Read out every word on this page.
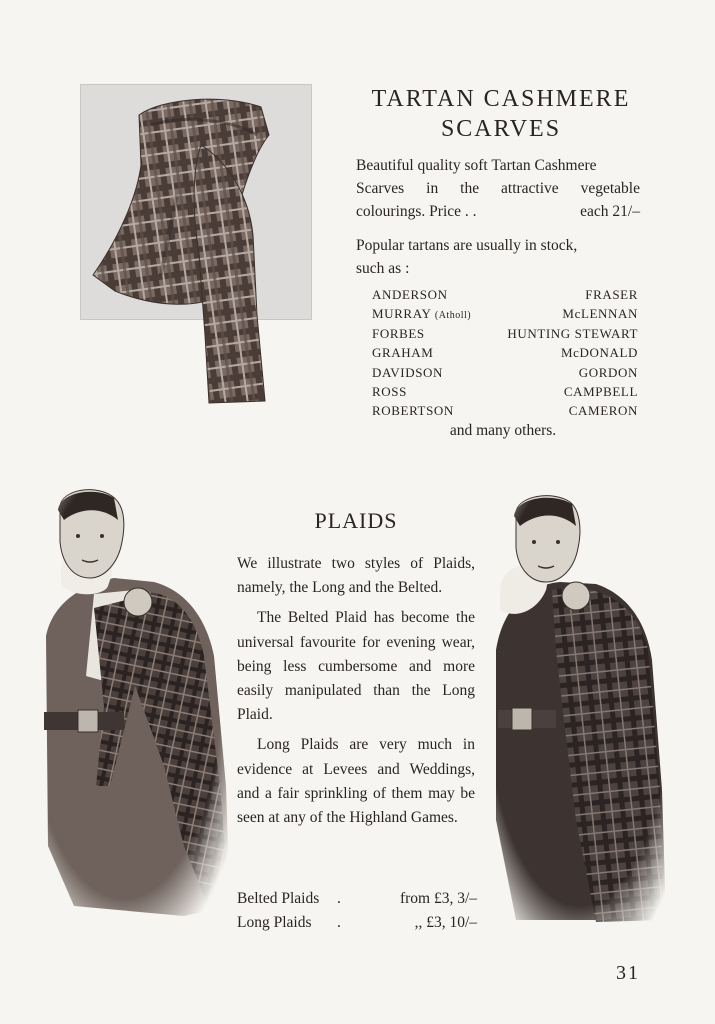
TARTAN CASHMERE
SCARVES
Beautiful quality soft Tartan Cashmere
Scarves in the attractive vegetable
colourings. Price . .	each 21/–
Popular tartans are usually in stock,
such as :
ANDERSON	FRASER
MURRAY (Atholl)	McLENNAN
FORBES	HUNTING STEWART
GRAHAM	McDONALD
DAVIDSON	GORDON
ROSS	CAMPBELL
ROBERTSON	CAMERON
and many others.
PLAIDS

We illustrate two styles of Plaids, namely, the Long and the Belted.

The Belted Plaid has become the universal favourite for evening wear, being less cumbersome and more easily manipulated than the Long Plaid.

Long Plaids are very much in evidence at Levees and Weddings, and a fair sprinkling of them may be seen at any of the Highland Games.

Belted Plaids	.	from £3, 3/–
Long Plaids	.	,, £3, 10/–
31
